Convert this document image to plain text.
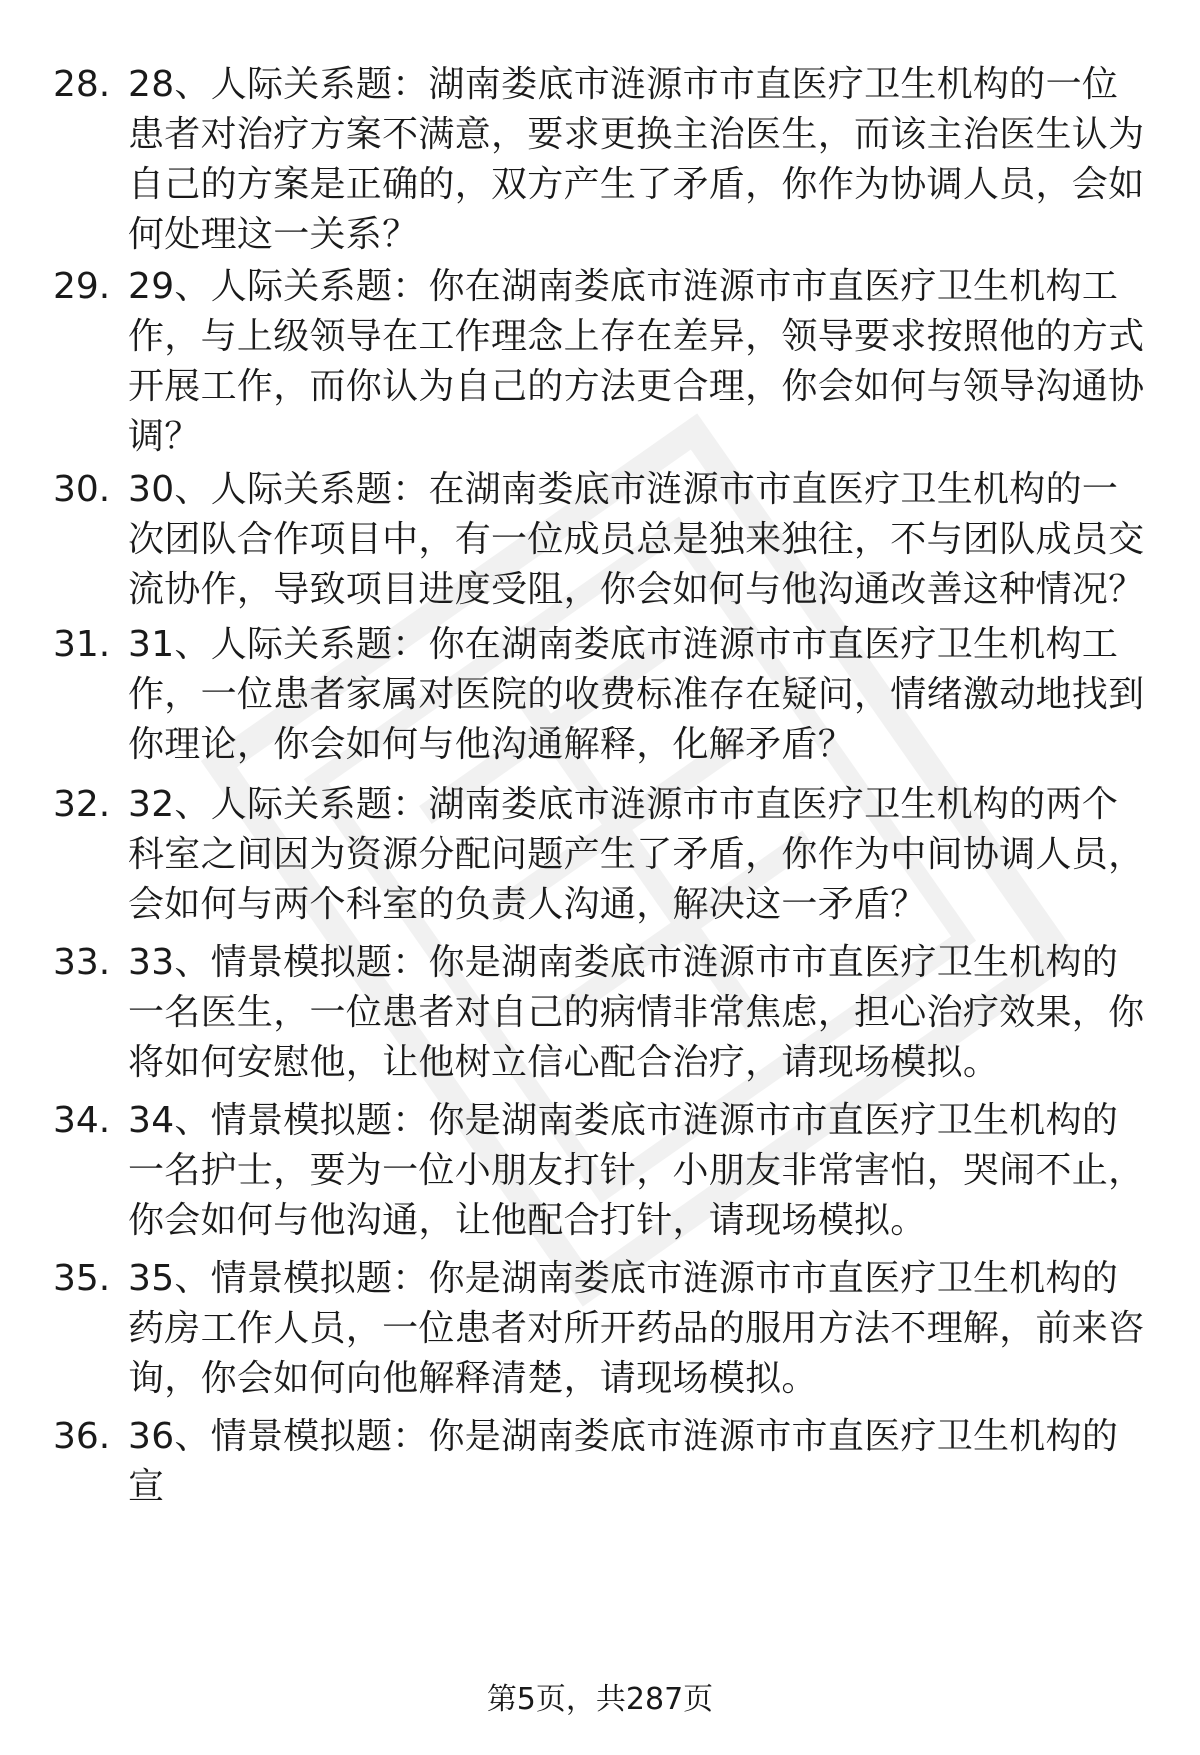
28. 28、人际关系题：湖南娄底市涟源市市直医疗卫生机构的一位患者对治疗方案不满意，要求更换主治医生，而该主治医生认为自己的方案是正确的，双方产生了矛盾，你作为协调人员，会如何处理这一关系？
29. 29、人际关系题：你在湖南娄底市涟源市市直医疗卫生机构工作，与上级领导在工作理念上存在差异，领导要求按照他的方式开展工作，而你认为自己的方法更合理，你会如何与领导沟通协调？
30. 30、人际关系题：在湖南娄底市涟源市市直医疗卫生机构的一次团队合作项目中，有一位成员总是独来独往，不与团队成员交流协作，导致项目进度受阻，你会如何与他沟通改善这种情况？
31. 31、人际关系题：你在湖南娄底市涟源市市直医疗卫生机构工作，一位患者家属对医院的收费标准存在疑问，情绪激动地找到你理论，你会如何与他沟通解释，化解矛盾？
32. 32、人际关系题：湖南娄底市涟源市市直医疗卫生机构的两个科室之间因为资源分配问题产生了矛盾，你作为中间协调人员，会如何与两个科室的负责人沟通，解决这一矛盾？
33. 33、情景模拟题：你是湖南娄底市涟源市市直医疗卫生机构的一名医生，一位患者对自己的病情非常焦虑，担心治疗效果，你将如何安慰他，让他树立信心配合治疗，请现场模拟。
34. 34、情景模拟题：你是湖南娄底市涟源市市直医疗卫生机构的一名护士，要为一位小朋友打针，小朋友非常害怕，哭闹不止，你会如何与他沟通，让他配合打针，请现场模拟。
35. 35、情景模拟题：你是湖南娄底市涟源市市直医疗卫生机构的药房工作人员，一位患者对所开药品的服用方法不理解，前来咨询，你会如何向他解释清楚，请现场模拟。
36. 36、情景模拟题：你是湖南娄底市涟源市市直医疗卫生机构的宣
第5页，共287页
